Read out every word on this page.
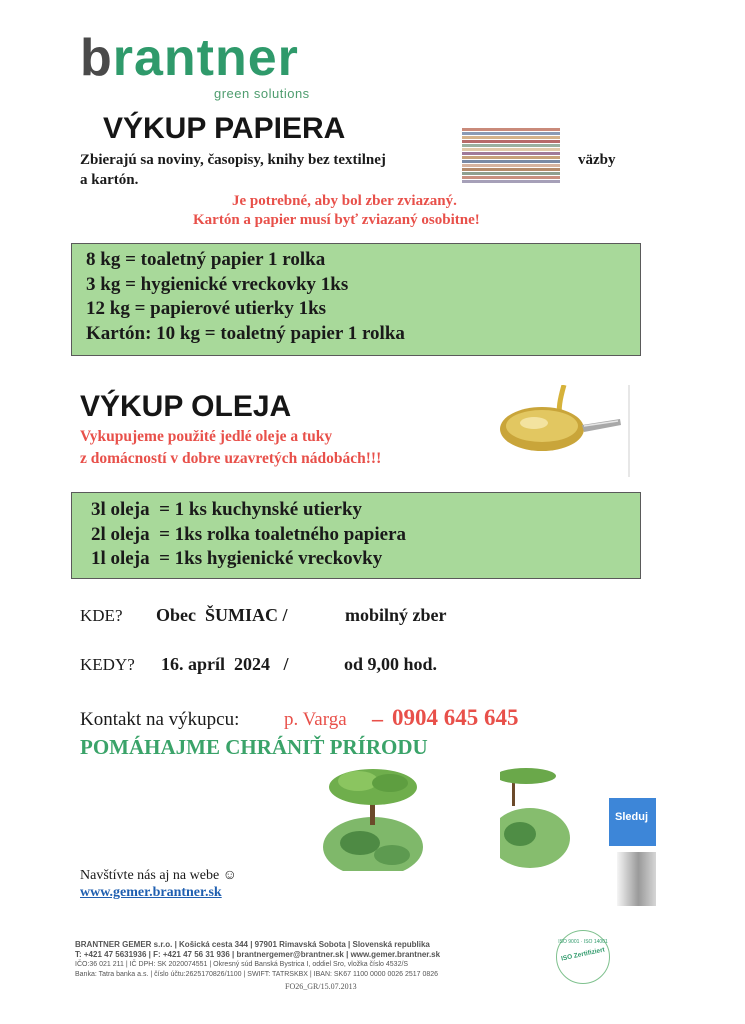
brantner
green solutions
VÝKUP PAPIERA
Zbierajú sa noviny, časopisy, knihy bez textilnej	väzby
a kartón.
Je potrebné, aby bol zber zviazaný.
Kartón a papier musí byť zviazaný osobitne!
8 kg = toaletný papier 1 rolka
3 kg = hygienické vreckovky 1ks
12 kg = papierové utierky 1ks
Kartón: 10 kg = toaletný papier 1 rolka
VÝKUP OLEJA
Vykupujeme použité jedlé oleje a tuky
z domácností v dobre uzavretých nádobách!!!
3l oleja  = 1 ks kuchynské utierky
2l oleja  = 1ks rolka toaletného papiera
1l oleja  = 1ks hygienické vreckovky
KDE? Obec  ŠUMIAC /	mobilný zber
KEDY? 16. apríl  2024   /	od 9,00 hod.
Kontakt na výkupcu: p. Varga – 0904 645 645
POMÁHAJME CHRÁNIŤ PRÍRODU
Sleduj
Navštívte nás aj na webe ☺
www.gemer.brantner.sk
BRANTNER GEMER s.r.o. | Košická cesta 344 | 97901 Rimavská Sobota | Slovenská republika
T: +421 47 5631936 | F: +421 47 56 31 936 | brantnergemer@brantner.sk | www.gemer.brantner.sk
IČO:36 021 211 | IČ DPH: SK 2020074551 | Okresný súd Banská Bystrica I, oddiel Sro, vložka číslo 4532/S
Banka: Tatra banka a.s. | číslo účtu:2625170826/1100 | SWIFT: TATRSKBX | IBAN: SK67 1100 0000 0026 2517 0826
FO26_GR/15.07.2013
ISO 9001 · ISO 14001
ISO Zertifiziert
